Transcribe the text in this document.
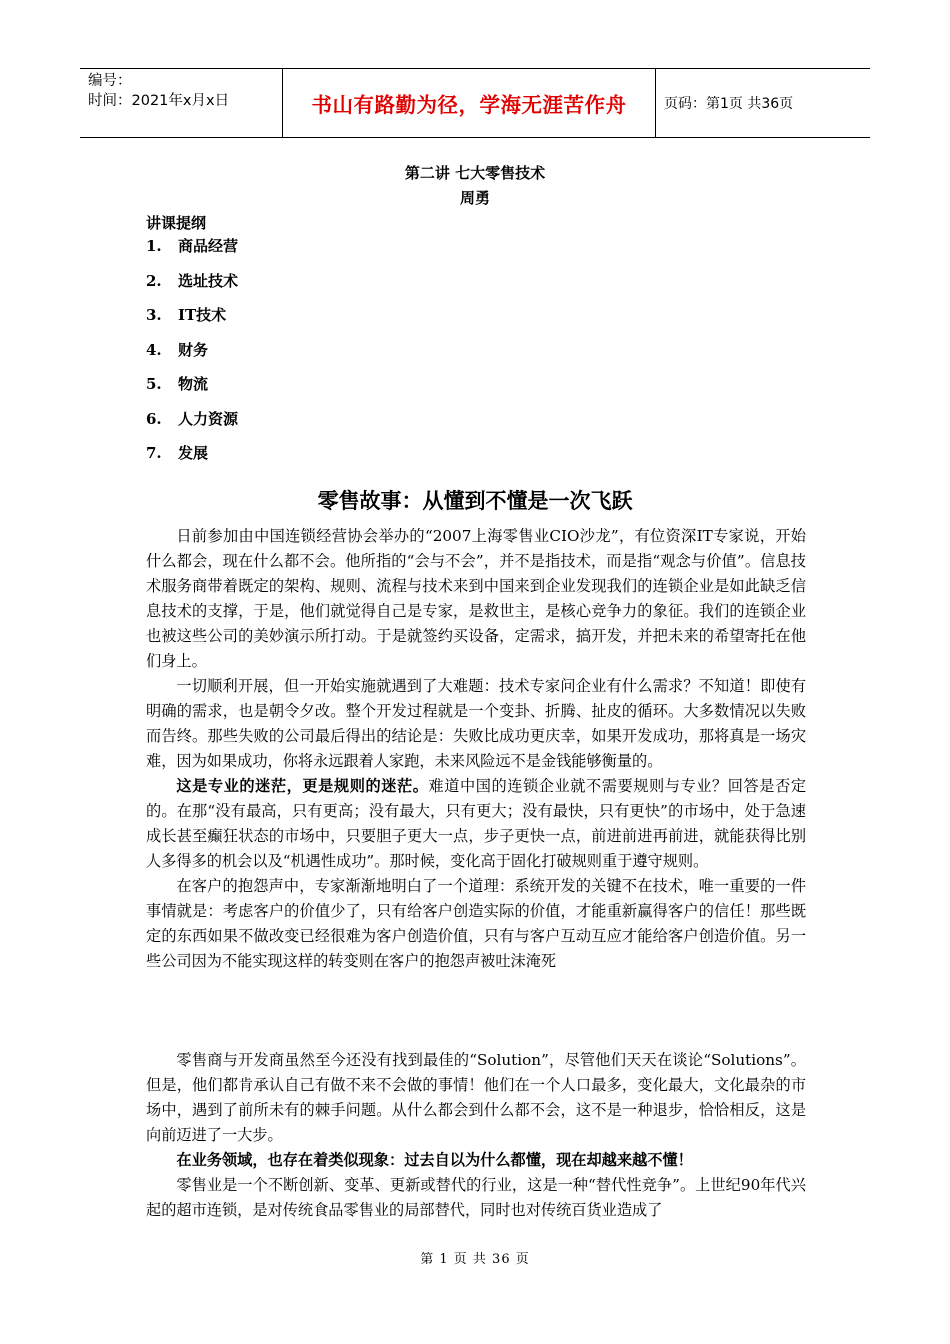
编号：
时间：2021年x月x日	书山有路勤为径，学海无涯苦作舟	页码：第1页 共36页
第二讲 七大零售技术
周勇
讲课提纲
1. 商品经营
2. 选址技术
3. IT技术
4. 财务
5. 物流
6. 人力资源
7. 发展
零售故事：从懂到不懂是一次飞跃

日前参加由中国连锁经营协会举办的“2007上海零售业CIO沙龙”，有位资深IT专家说，开始什么都会，现在什么都不会。他所指的“会与不会”，并不是指技术，而是指“观念与价值”。信息技术服务商带着既定的架构、规则、流程与技术来到中国来到企业发现我们的连锁企业是如此缺乏信息技术的支撑，于是，他们就觉得自己是专家，是救世主，是核心竞争力的象征。我们的连锁企业也被这些公司的美妙演示所打动。于是就签约买设备，定需求，搞开发，并把未来的希望寄托在他们身上。

一切顺利开展，但一开始实施就遇到了大难题：技术专家问企业有什么需求？不知道！即使有明确的需求，也是朝令夕改。整个开发过程就是一个变卦、折腾、扯皮的循环。大多数情况以失败而告终。那些失败的公司最后得出的结论是：失败比成功更庆幸，如果开发成功，那将真是一场灾难，因为如果成功，你将永远跟着人家跑，未来风险远不是金钱能够衡量的。

这是专业的迷茫，更是规则的迷茫。难道中国的连锁企业就不需要规则与专业？回答是否定的。在那“没有最高，只有更高；没有最大，只有更大；没有最快，只有更快”的市场中，处于急速成长甚至癫狂状态的市场中，只要胆子更大一点，步子更快一点，前进前进再前进，就能获得比别人多得多的机会以及“机遇性成功”。那时候，变化高于固化打破规则重于遵守规则。

在客户的抱怨声中，专家渐渐地明白了一个道理：系统开发的关键不在技术，唯一重要的一件事情就是：考虑客户的价值少了，只有给客户创造实际的价值，才能重新赢得客户的信任！那些既定的东西如果不做改变已经很难为客户创造价值，只有与客户互动互应才能给客户创造价值。另一些公司因为不能实现这样的转变则在客户的抱怨声被吐沫淹死

零售商与开发商虽然至今还没有找到最佳的“Solution”，尽管他们天天在谈论“Solutions”。但是，他们都肯承认自己有做不来不会做的事情！他们在一个人口最多，变化最大，文化最杂的市场中，遇到了前所未有的棘手问题。从什么都会到什么都不会，这不是一种退步，恰恰相反，这是向前迈进了一大步。

在业务领域，也存在着类似现象：过去自以为什么都懂，现在却越来越不懂！

零售业是一个不断创新、变革、更新或替代的行业，这是一种“替代性竞争”。上世纪90年代兴起的超市连锁，是对传统食品零售业的局部替代，同时也对传统百货业造成了

第 1 页 共 36 页
